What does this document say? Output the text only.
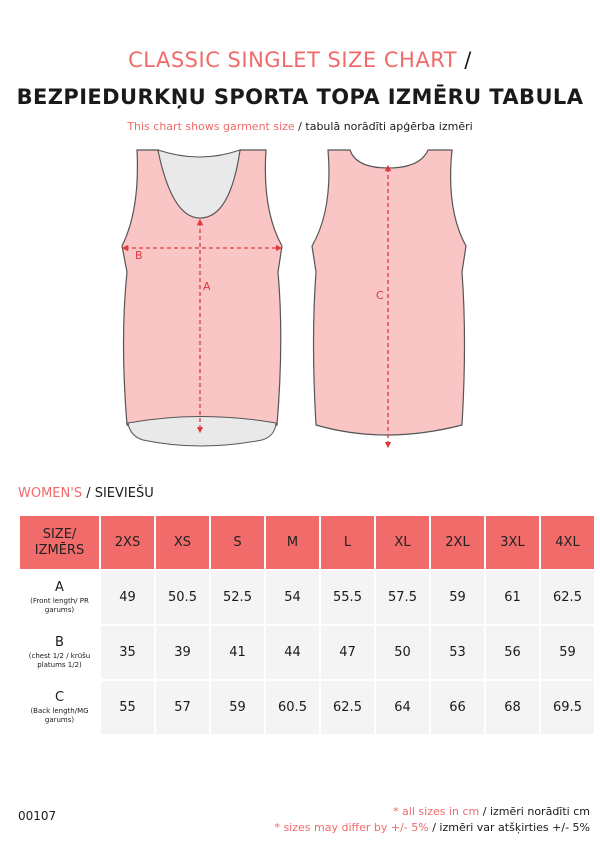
CLASSIC SINGLET SIZE CHART /
BEZPIEDURKŅU SPORTA TOPA IZMĒRU TABULA
This chart shows garment size / tabulā norādīti apģērba izmēri
B
A
C
WOMEN'S / SIEVIEŠU
SIZE/
IZMĒRS	2XS	XS	S	M	L	XL	2XL	3XL	4XL
A
(Front length/ PR garums)	49	50.5	52.5	54	55.5	57.5	59	61	62.5
B
(chest 1/2 / krūšu platums 1/2)	35	39	41	44	47	50	53	56	59
C
(Back length/MG garums)	55	57	59	60.5	62.5	64	66	68	69.5
00107	* all sizes in cm / izmēri norādīti cm
* sizes may differ by +/- 5% / izmēri var atšķirties +/- 5%
